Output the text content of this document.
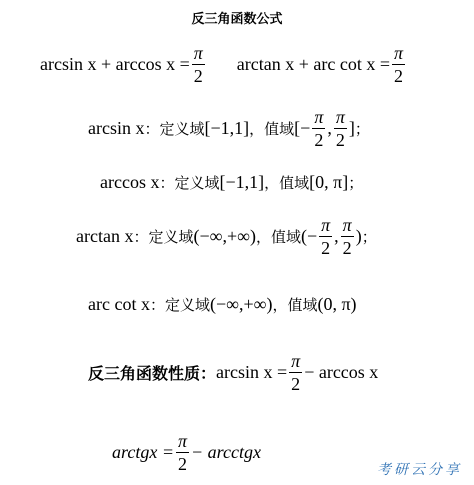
反三角函数公式
$\arcsin x + \arccos x = \frac{\pi}{2}$ arctan x + arc $\cot x = \frac{\pi}{2}$
arcsin x ：定义域 [−1,1] ，值域 [− $\frac{\pi}{2}$ , $\frac{\pi}{2}$ ] ；
arccos x ：定义域 [−1,1] ，值域 [0, π] ；
arctan x ：定义域 (−∞,+∞) ，值域 (− $\frac{\pi}{2}$ , $\frac{\pi}{2}$ ) ；
arc cot x ：定义域 (−∞,+∞) ，值域 (0, π)
反三角函数性质： $\arcsin x = \frac{\pi}{2} - \arccos x$
arctgx = $\frac{\pi}{2}$ − arcctgx
考研云分享
